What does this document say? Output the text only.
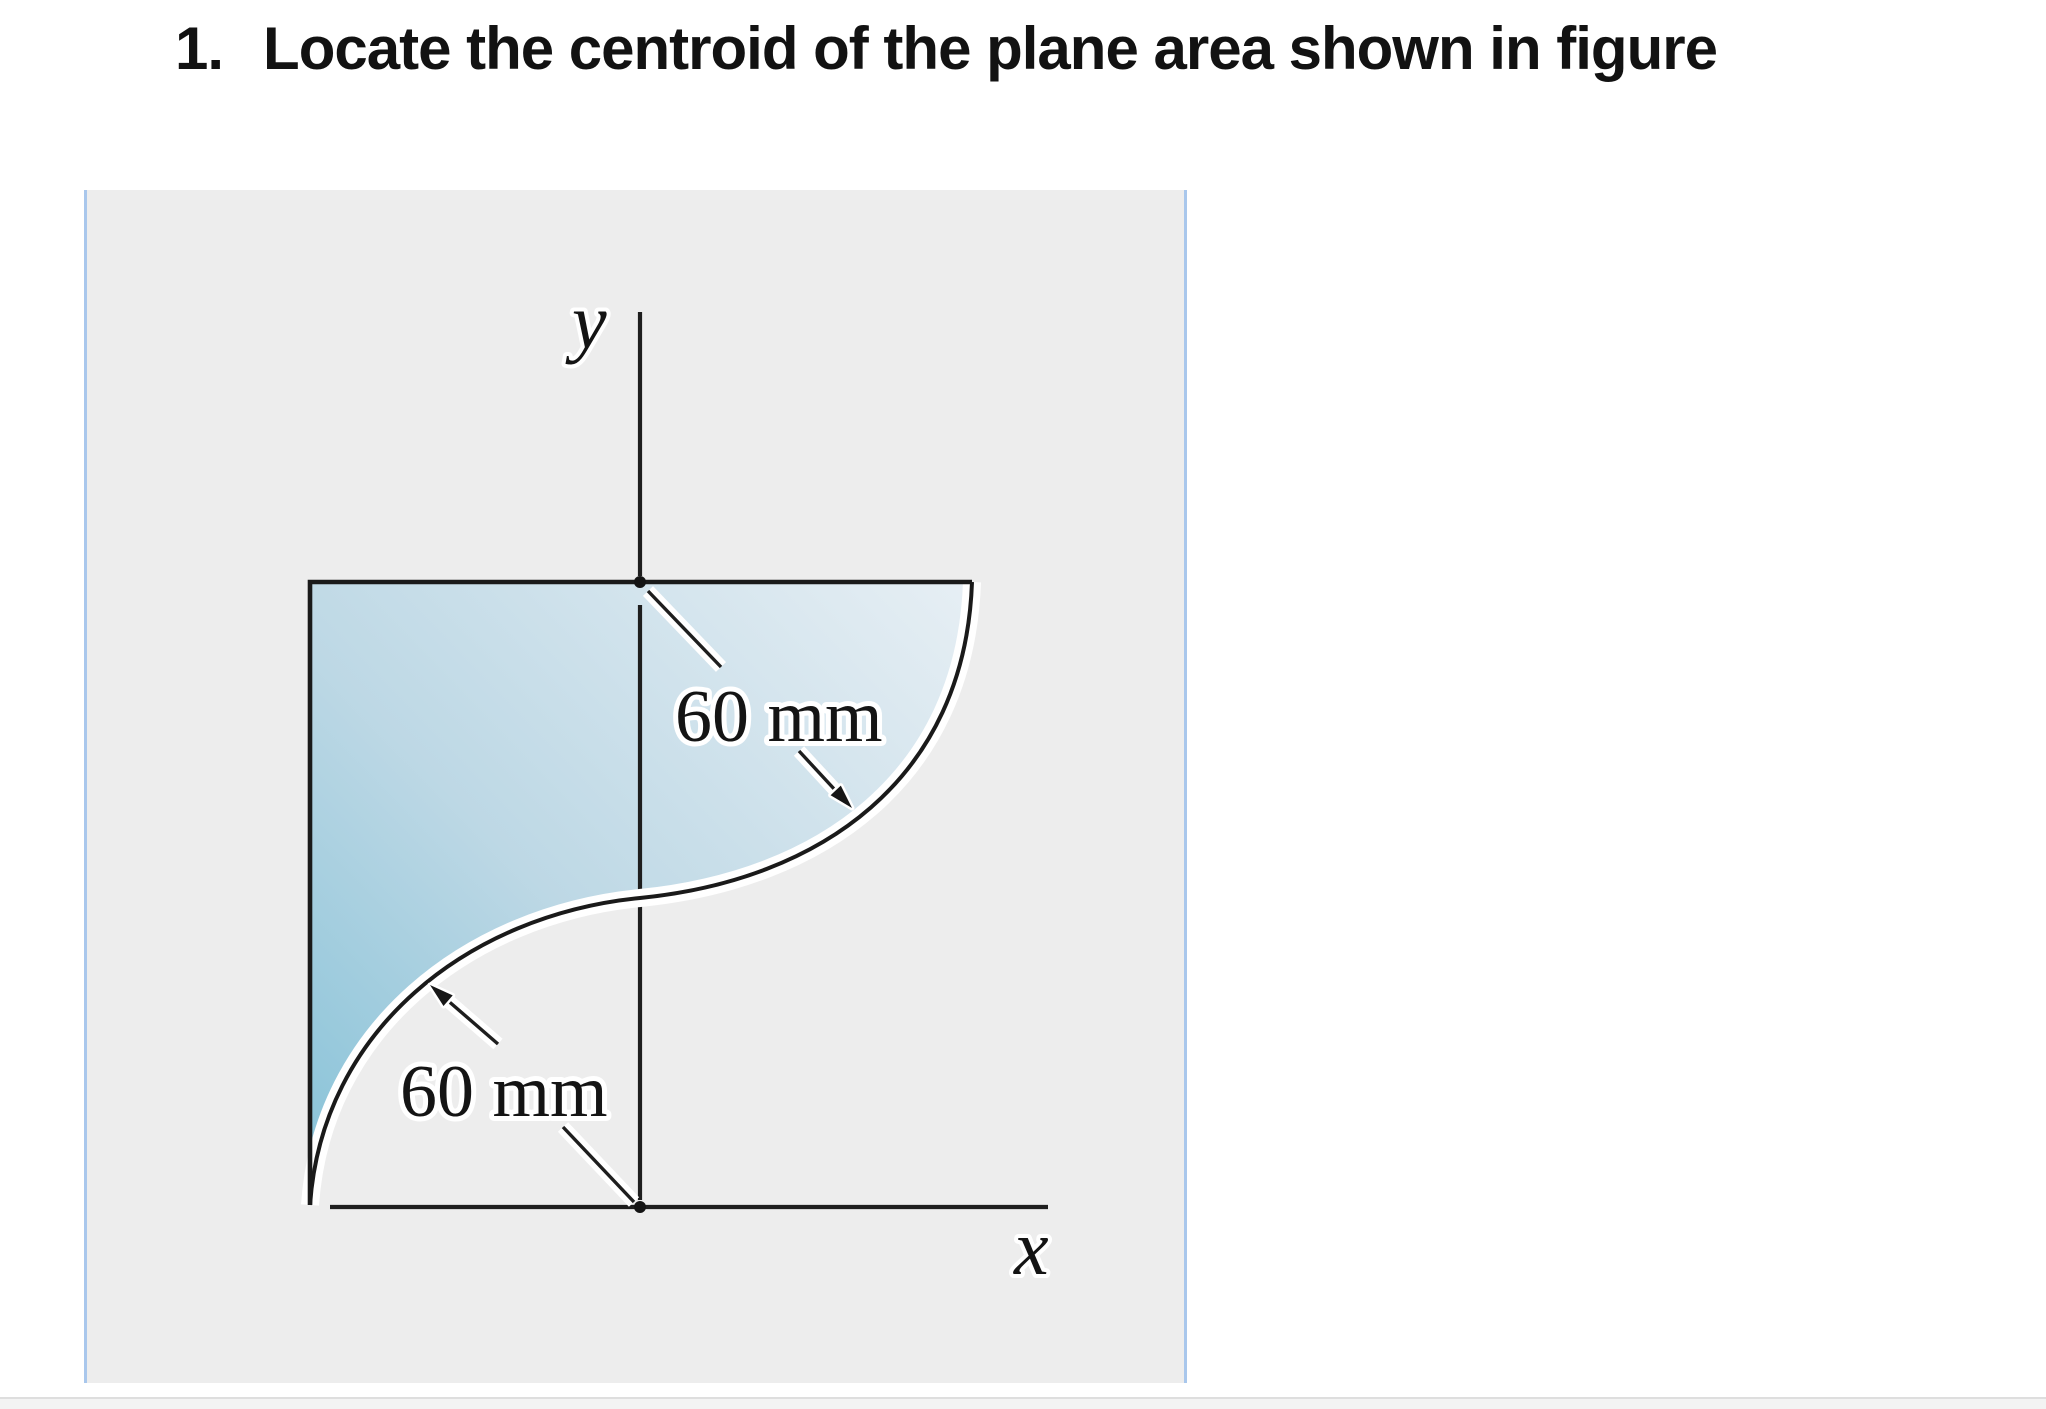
1. Locate the centroid of the plane area shown in figure
60 mm
60 mm
y
x
